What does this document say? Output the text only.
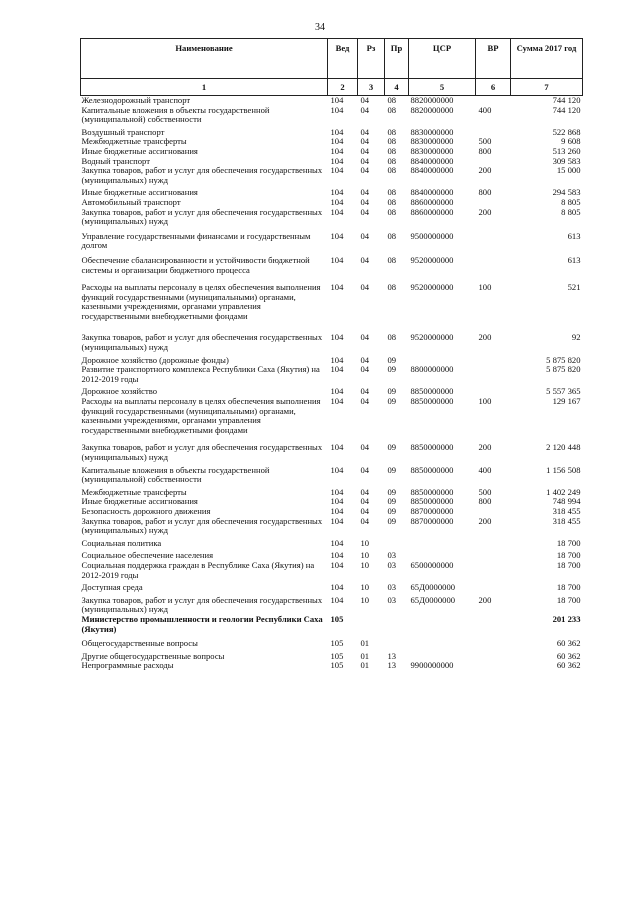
34
Наименование	Вед	Рз	Пр	ЦСР	ВР	Сумма 2017 год
1	2	3	4	5	6	7
Железнодорожный транспорт	104	04	08	8820000000		744 120
Капитальные вложения в объекты государственной (муниципальной) собственности	104	04	08	8820000000	400	744 120
Воздушный транспорт	104	04	08	8830000000		522 868
Межбюджетные трансферты	104	04	08	8830000000	500	9 608
Иные бюджетные ассигнования	104	04	08	8830000000	800	513 260
Водный транспорт	104	04	08	8840000000		309 583
Закупка товаров, работ и услуг для обеспечения государственных (муниципальных) нужд	104	04	08	8840000000	200	15 000
Иные бюджетные ассигнования	104	04	08	8840000000	800	294 583
Автомобильный транспорт	104	04	08	8860000000		8 805
Закупка товаров, работ и услуг для обеспечения государственных (муниципальных) нужд	104	04	08	8860000000	200	8 805
Управление государственными финансами и государственным долгом	104	04	08	9500000000		613
Обеспечение сбалансированности и устойчивости бюджетной системы и организации бюджетного процесса	104	04	08	9520000000		613
Расходы на выплаты персоналу в целях обеспечения выполнения функций государственными (муниципальными) органами, казенными учреждениями, органами управления государственными внебюджетными фондами	104	04	08	9520000000	100	521
Закупка товаров, работ и услуг для обеспечения государственных (муниципальных) нужд	104	04	08	9520000000	200	92
Дорожное хозяйство (дорожные фонды)	104	04	09			5 875 820
Развитие транспортного комплекса Республики Саха (Якутия) на 2012-2019 годы	104	04	09	8800000000		5 875 820
Дорожное хозяйство	104	04	09	8850000000		5 557 365
Расходы на выплаты персоналу в целях обеспечения выполнения функций государственными (муниципальными) органами, казенными учреждениями, органами управления государственными внебюджетными фондами	104	04	09	8850000000	100	129 167
Закупка товаров, работ и услуг для обеспечения государственных (муниципальных) нужд	104	04	09	8850000000	200	2 120 448
Капитальные вложения в объекты государственной (муниципальной) собственности	104	04	09	8850000000	400	1 156 508
Межбюджетные трансферты	104	04	09	8850000000	500	1 402 249
Иные бюджетные ассигнования	104	04	09	8850000000	800	748 994
Безопасность дорожного движения	104	04	09	8870000000		318 455
Закупка товаров, работ и услуг для обеспечения государственных (муниципальных) нужд	104	04	09	8870000000	200	318 455
Социальная политика	104	10				18 700
Социальное обеспечение населения	104	10	03			18 700
Социальная поддержка граждан в Республике Саха (Якутия) на 2012-2019 годы	104	10	03	6500000000		18 700
Доступная среда	104	10	03	65Д0000000		18 700
Закупка товаров, работ и услуг для обеспечения государственных (муниципальных) нужд	104	10	03	65Д0000000	200	18 700
Министерство промышленности и геологии Республики Саха (Якутия)	105					201 233
Общегосударственные вопросы	105	01				60 362
Другие общегосударственные вопросы	105	01	13			60 362
Непрограммные расходы	105	01	13	9900000000		60 362
